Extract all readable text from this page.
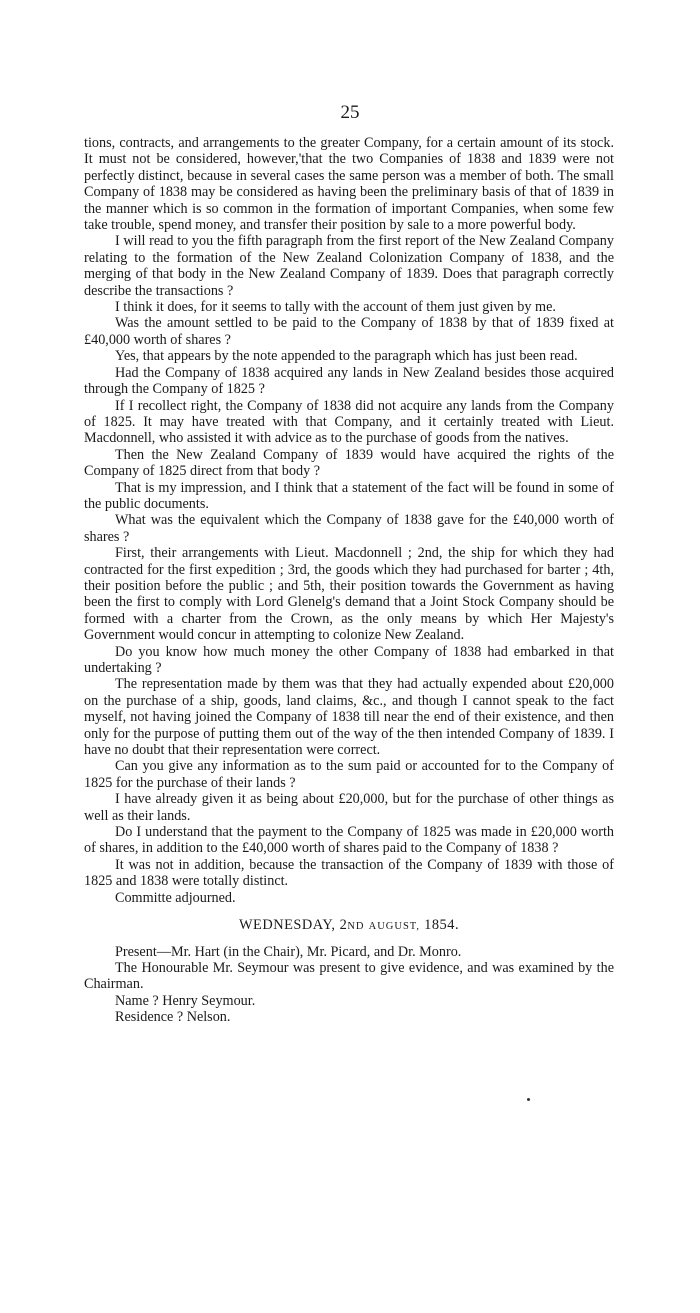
25

tions, contracts, and arrangements to the greater Company, for a certain amount of its stock. It must not be considered, however,'that the two Companies of 1838 and 1839 were not perfectly distinct, because in several cases the same person was a member of both. The small Company of 1838 may be considered as having been the preliminary basis of that of 1839 in the manner which is so common in the formation of important Companies, when some few take trouble, spend money, and transfer their position by sale to a more powerful body.

I will read to you the fifth paragraph from the first report of the New Zealand Company relating to the formation of the New Zealand Colonization Company of 1838, and the merging of that body in the New Zealand Company of 1839. Does that paragraph correctly describe the transactions ?

I think it does, for it seems to tally with the account of them just given by me.

Was the amount settled to be paid to the Company of 1838 by that of 1839 fixed at £40,000 worth of shares ?

Yes, that appears by the note appended to the paragraph which has just been read.

Had the Company of 1838 acquired any lands in New Zealand besides those acquired through the Company of 1825 ?

If I recollect right, the Company of 1838 did not acquire any lands from the Company of 1825. It may have treated with that Company, and it certainly treated with Lieut. Macdonnell, who assisted it with advice as to the purchase of goods from the natives.

Then the New Zealand Company of 1839 would have acquired the rights of the Company of 1825 direct from that body ?

That is my impression, and I think that a statement of the fact will be found in some of the public documents.

What was the equivalent which the Company of 1838 gave for the £40,000 worth of shares ?

First, their arrangements with Lieut. Macdonnell ; 2nd, the ship for which they had contracted for the first expedition ; 3rd, the goods which they had purchased for barter ; 4th, their position before the public ; and 5th, their position towards the Government as having been the first to comply with Lord Glenelg's demand that a Joint Stock Company should be formed with a charter from the Crown, as the only means by which Her Majesty's Government would concur in attempting to colonize New Zealand.

Do you know how much money the other Company of 1838 had embarked in that undertaking ?

The representation made by them was that they had actually expended about £20,000 on the purchase of a ship, goods, land claims, &c., and though I cannot speak to the fact myself, not having joined the Company of 1838 till near the end of their existence, and then only for the purpose of putting them out of the way of the then intended Company of 1839. I have no doubt that their representation were correct.

Can you give any information as to the sum paid or accounted for to the Company of 1825 for the purchase of their lands ?

I have already given it as being about £20,000, but for the purchase of other things as well as their lands.

Do I understand that the payment to the Company of 1825 was made in £20,000 worth of shares, in addition to the £40,000 worth of shares paid to the Company of 1838 ?

It was not in addition, because the transaction of the Company of 1839 with those of 1825 and 1838 were totally distinct.

Committe adjourned.

WEDNESDAY, 2ND AUGUST, 1854.

Present—Mr. Hart (in the Chair), Mr. Picard, and Dr. Monro.

The Honourable Mr. Seymour was present to give evidence, and was examined by the Chairman.

Name ? Henry Seymour.

Residence ? Nelson.
